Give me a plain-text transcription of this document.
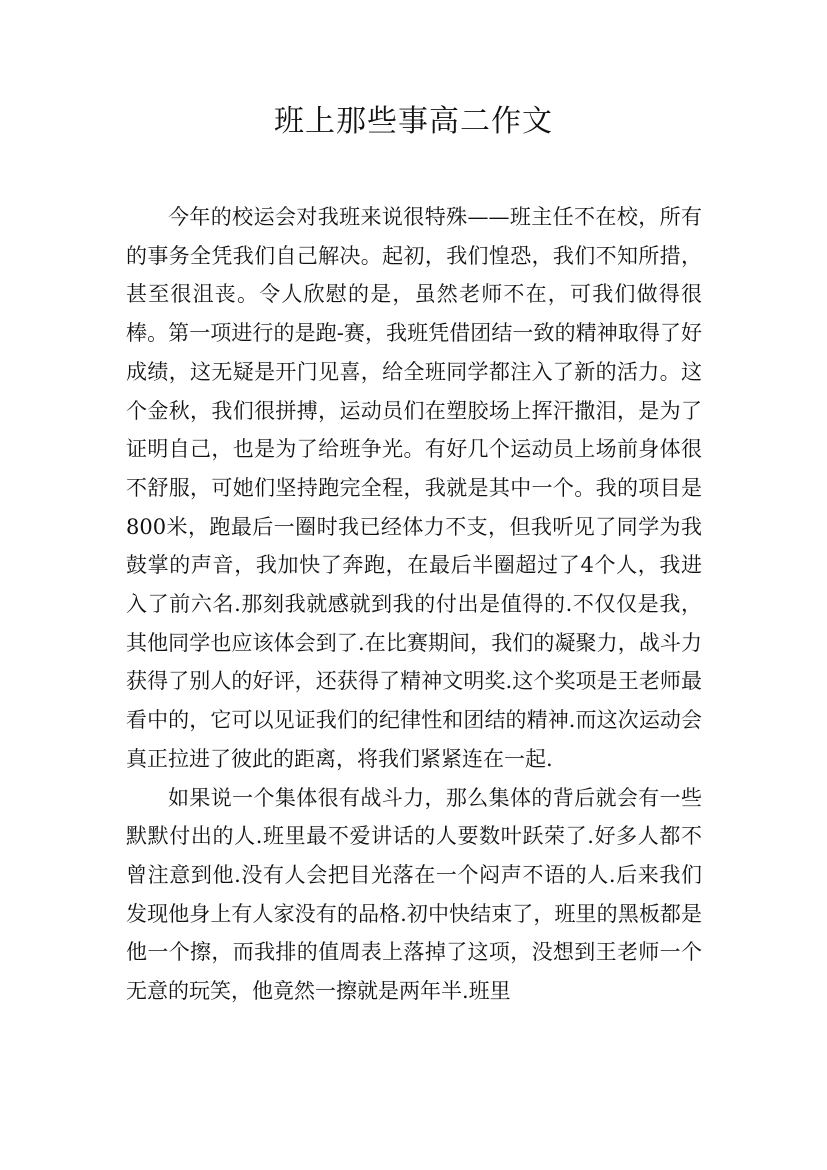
班上那些事高二作文

今年的校运会对我班来说很特殊——班主任不在校，所有的事务全凭我们自己解决。起初，我们惶恐，我们不知所措，甚至很沮丧。令人欣慰的是，虽然老师不在，可我们做得很棒。第一项进行的是跑-赛，我班凭借团结一致的精神取得了好成绩，这无疑是开门见喜，给全班同学都注入了新的活力。这个金秋，我们很拼搏，运动员们在塑胶场上挥汗撒泪，是为了证明自己，也是为了给班争光。有好几个运动员上场前身体很不舒服，可她们坚持跑完全程，我就是其中一个。我的项目是800米，跑最后一圈时我已经体力不支，但我听见了同学为我鼓掌的声音，我加快了奔跑，在最后半圈超过了4个人，我进入了前六名.那刻我就感就到我的付出是值得的.不仅仅是我， 其他同学也应该体会到了.在比赛期间，我们的凝聚力，战斗力获得了别人的好评，还获得了精神文明奖.这个奖项是王老师最看中的，它可以见证我们的纪律性和团结的精神.而这次运动会真正拉进了彼此的距离，将我们紧紧连在一起.

如果说一个集体很有战斗力，那么集体的背后就会有一些默默付出的人.班里最不爱讲话的人要数叶跃荣了.好多人都不曾注意到他.没有人会把目光落在一个闷声不语的人.后来我们发现他身上有人家没有的品格.初中快结束了，班里的黑板都是他一个擦，而我排的值周表上落掉了这项，没想到王老师一个无意的玩笑，他竟然一擦就是两年半.班里
